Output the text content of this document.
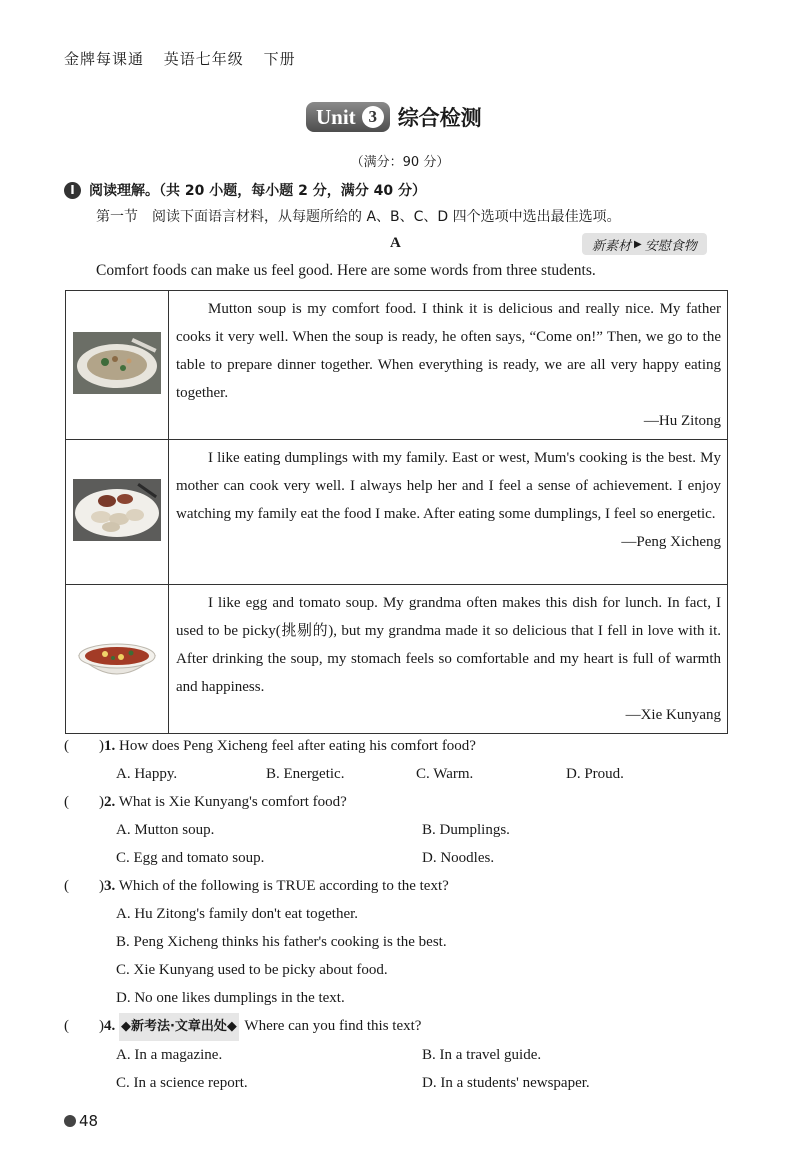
金牌每课通 英语七年级 下册
Unit 3 综合检测
（满分：90 分）
Ⅰ	阅读理解。（共 20 小题，每小题 2 分，满分 40 分）
第一节　阅读下面语言材料，从每题所给的 A、B、C、D 四个选项中选出最佳选项。
A	新素材 ▶ 安慰食物
Comfort foods can make us feel good. Here are some words from three students.

Mutton soup is my comfort food. I think it is delicious and really nice. My father cooks it very well. When the soup is ready, he often says, “Come on!” Then, we go to the table to prepare dinner together. When everything is ready, we are all very happy eating together.
—Hu Zitong

I like eating dumplings with my family. East or west, Mum's cooking is the best. My mother can cook very well. I always help her and I feel a sense of achievement. I enjoy watching my family eat the food I make. After eating some dumplings, I feel so energetic.
—Peng Xicheng

I like egg and tomato soup. My grandma often makes this dish for lunch. In fact, I used to be picky(挑剔的), but my grandma made it so delicious that I fell in love with it. After drinking the soup, my stomach feels so comfortable and my heart is full of warmth and happiness.
—Xie Kunyang
(　　)1. How does Peng Xicheng feel after eating his comfort food?
A. Happy.	B. Energetic.	C. Warm.	D. Proud.
(　　)2. What is Xie Kunyang's comfort food?
A. Mutton soup.	B. Dumplings.
C. Egg and tomato soup.	D. Noodles.
(　　)3. Which of the following is TRUE according to the text?
A. Hu Zitong's family don't eat together.
B. Peng Xicheng thinks his father's cooking is the best.
C. Xie Kunyang used to be picky about food.
D. No one likes dumplings in the text.
(　　)4. ◆新考法·文章出处◆ Where can you find this text?
A. In a magazine.	B. In a travel guide.
C. In a science report.	D. In a students' newspaper.
48
